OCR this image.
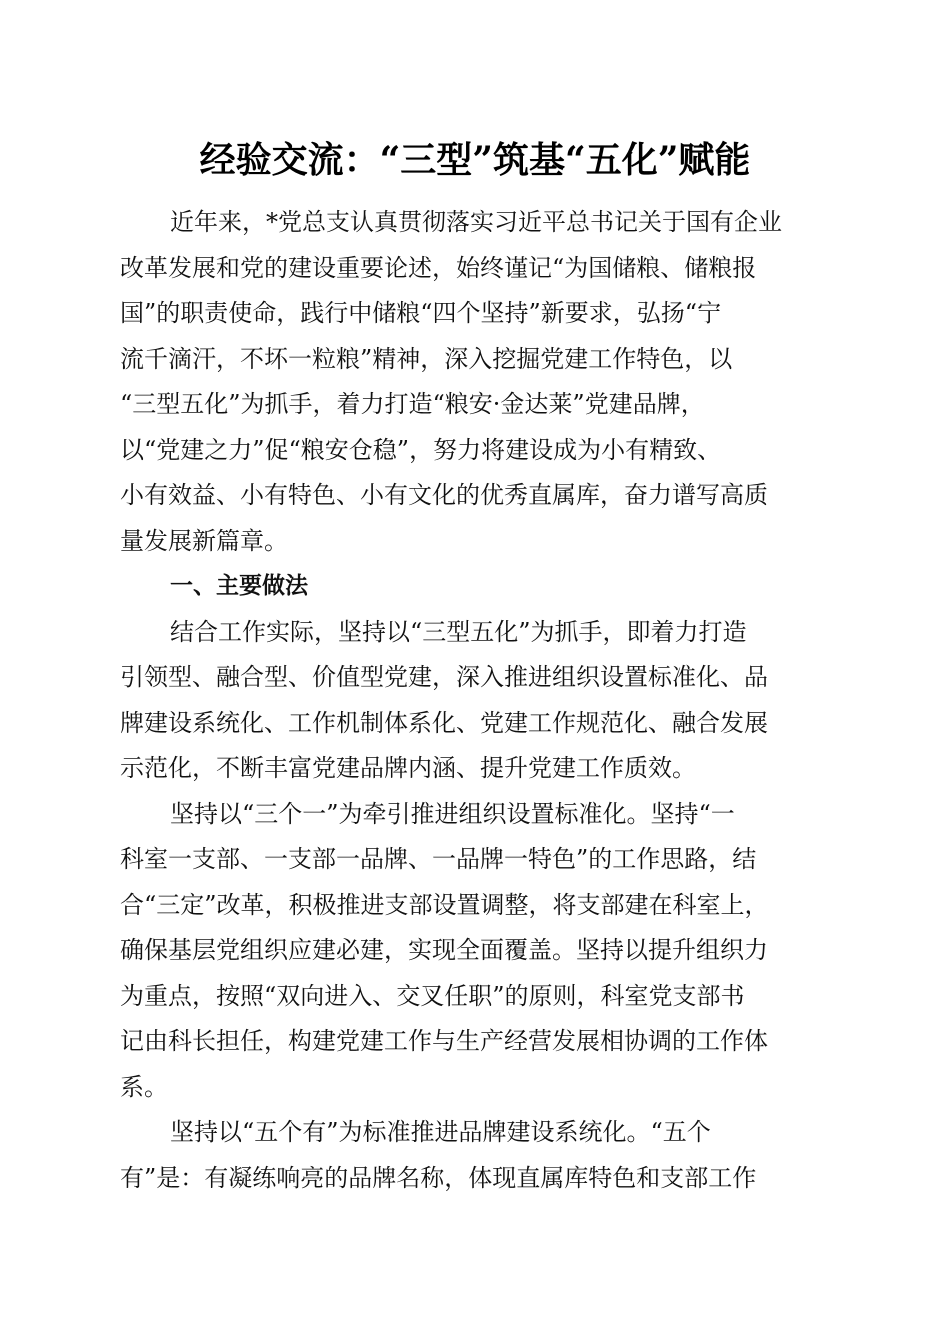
经验交流：“三型”筑基“五化”赋能
近年来，*党总支认真贯彻落实习近平总书记关于国有企业
改革发展和党的建设重要论述，始终谨记“为国储粮、储粮报
国”的职责使命，践行中储粮“四个坚持”新要求，弘扬“宁
流千滴汗，不坏一粒粮”精神，深入挖掘党建工作特色，以
“三型五化”为抓手，着力打造“粮安·金达莱”党建品牌，
以“党建之力”促“粮安仓稳”，努力将建设成为小有精致、
小有效益、小有特色、小有文化的优秀直属库，奋力谱写高质
量发展新篇章。
一、主要做法
结合工作实际，坚持以“三型五化”为抓手，即着力打造
引领型、融合型、价值型党建，深入推进组织设置标准化、品
牌建设系统化、工作机制体系化、党建工作规范化、融合发展
示范化，不断丰富党建品牌内涵、提升党建工作质效。
坚持以“三个一”为牵引推进组织设置标准化。坚持“一
科室一支部、一支部一品牌、一品牌一特色”的工作思路，结
合“三定”改革，积极推进支部设置调整，将支部建在科室上，
确保基层党组织应建必建，实现全面覆盖。坚持以提升组织力
为重点，按照“双向进入、交叉任职”的原则，科室党支部书
记由科长担任，构建党建工作与生产经营发展相协调的工作体
系。
坚持以“五个有”为标准推进品牌建设系统化。“五个
有”是：有凝练响亮的品牌名称，体现直属库特色和支部工作
